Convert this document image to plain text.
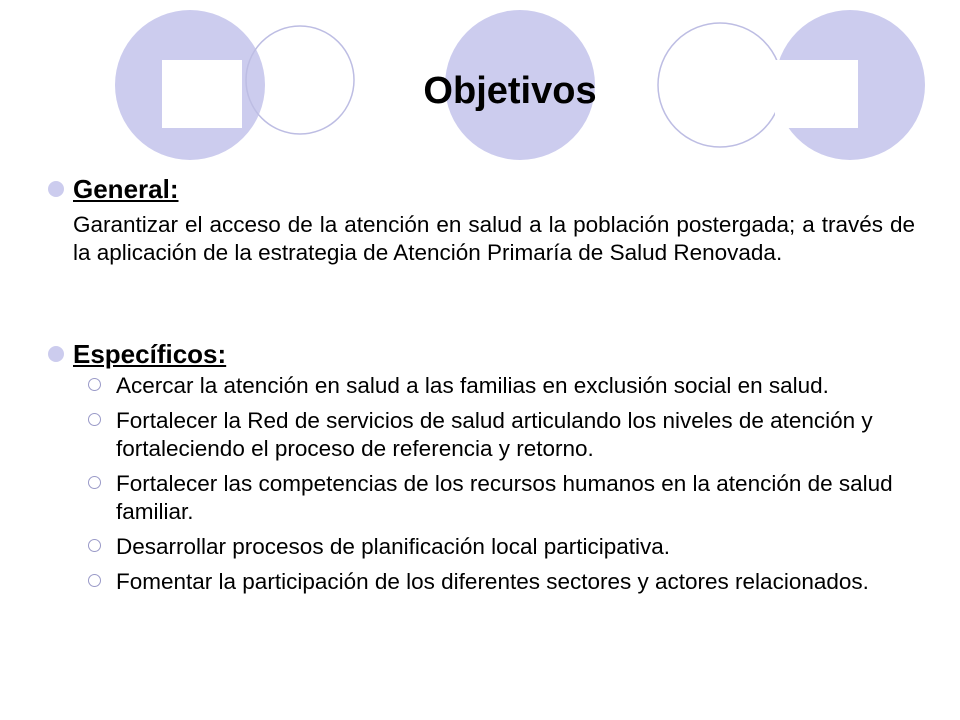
Objetivos
General:

Garantizar el acceso de la atención en salud a la población postergada; a través de la aplicación de la estrategia de Atención Primaría de Salud Renovada.

Específicos:
Acercar la atención en salud a las familias en exclusión social en salud.
Fortalecer la Red de servicios de salud articulando los niveles de atención y fortaleciendo el proceso de referencia y retorno.
Fortalecer las competencias de los recursos humanos en la atención de salud familiar.
Desarrollar procesos de planificación local participativa.
Fomentar la participación de los diferentes sectores y actores relacionados.
